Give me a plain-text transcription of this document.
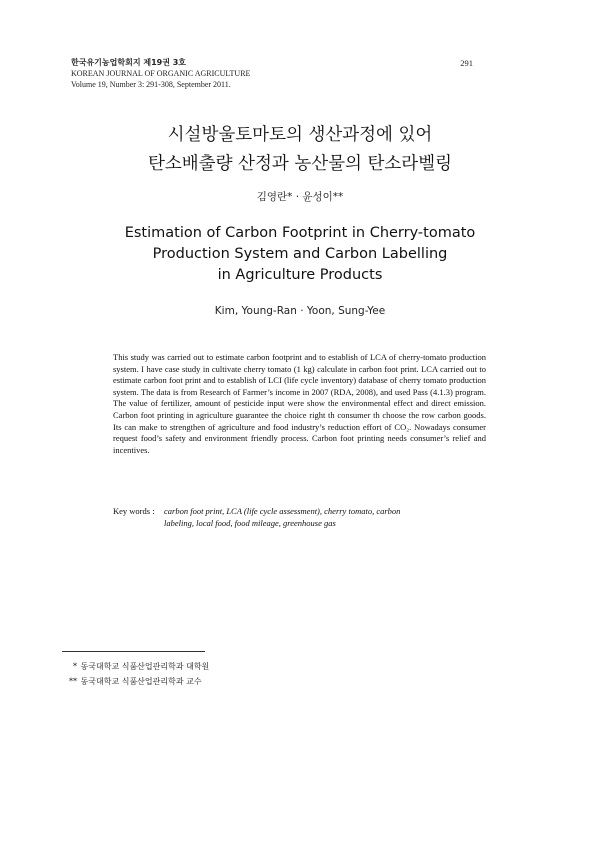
한국유기농업학회지 제19권 3호
KOREAN JOURNAL OF ORGANIC AGRICULTURE
Volume 19, Number 3: 291-308, September 2011.
291
시설방울토마토의 생산과정에 있어
탄소배출량 산정과 농산물의 탄소라벨링
김영란* · 윤성이**
Estimation of Carbon Footprint in Cherry-tomato
Production System and Carbon Labelling
in Agriculture Products
Kim, Young-Ran · Yoon, Sung-Yee
This study was carried out to estimate carbon footprint and to establish of LCA of cherry-tomato production system. I have case study in cultivate cherry tomato (1 kg) calculate in carbon foot print. LCA carried out to estimate carbon foot print and to establish of LCI (life cycle inventory) database of cherry tomato production system. The data is from Research of Farmer’s income in 2007 (RDA, 2008), and used Pass (4.1.3) program. The value of fertilizer, amount of pesticide input were show the environmental effect and direct emission. Carbon foot printing in agriculture guarantee the choice right th consumer th choose the row carbon goods. Its can make to strengthen of agriculture and food industry’s reduction effort of CO₂. Nowadays consumer request food’s safety and environment friendly process. Carbon foot printing needs consumer’s relief and incentives.
Key words : carbon foot print, LCA (life cycle assessment), cherry tomato, carbon
labeling, local food, food mileage, greenhouse gas
* 동국대학교 식품산업관리학과 대학원
** 동국대학교 식품산업관리학과 교수
